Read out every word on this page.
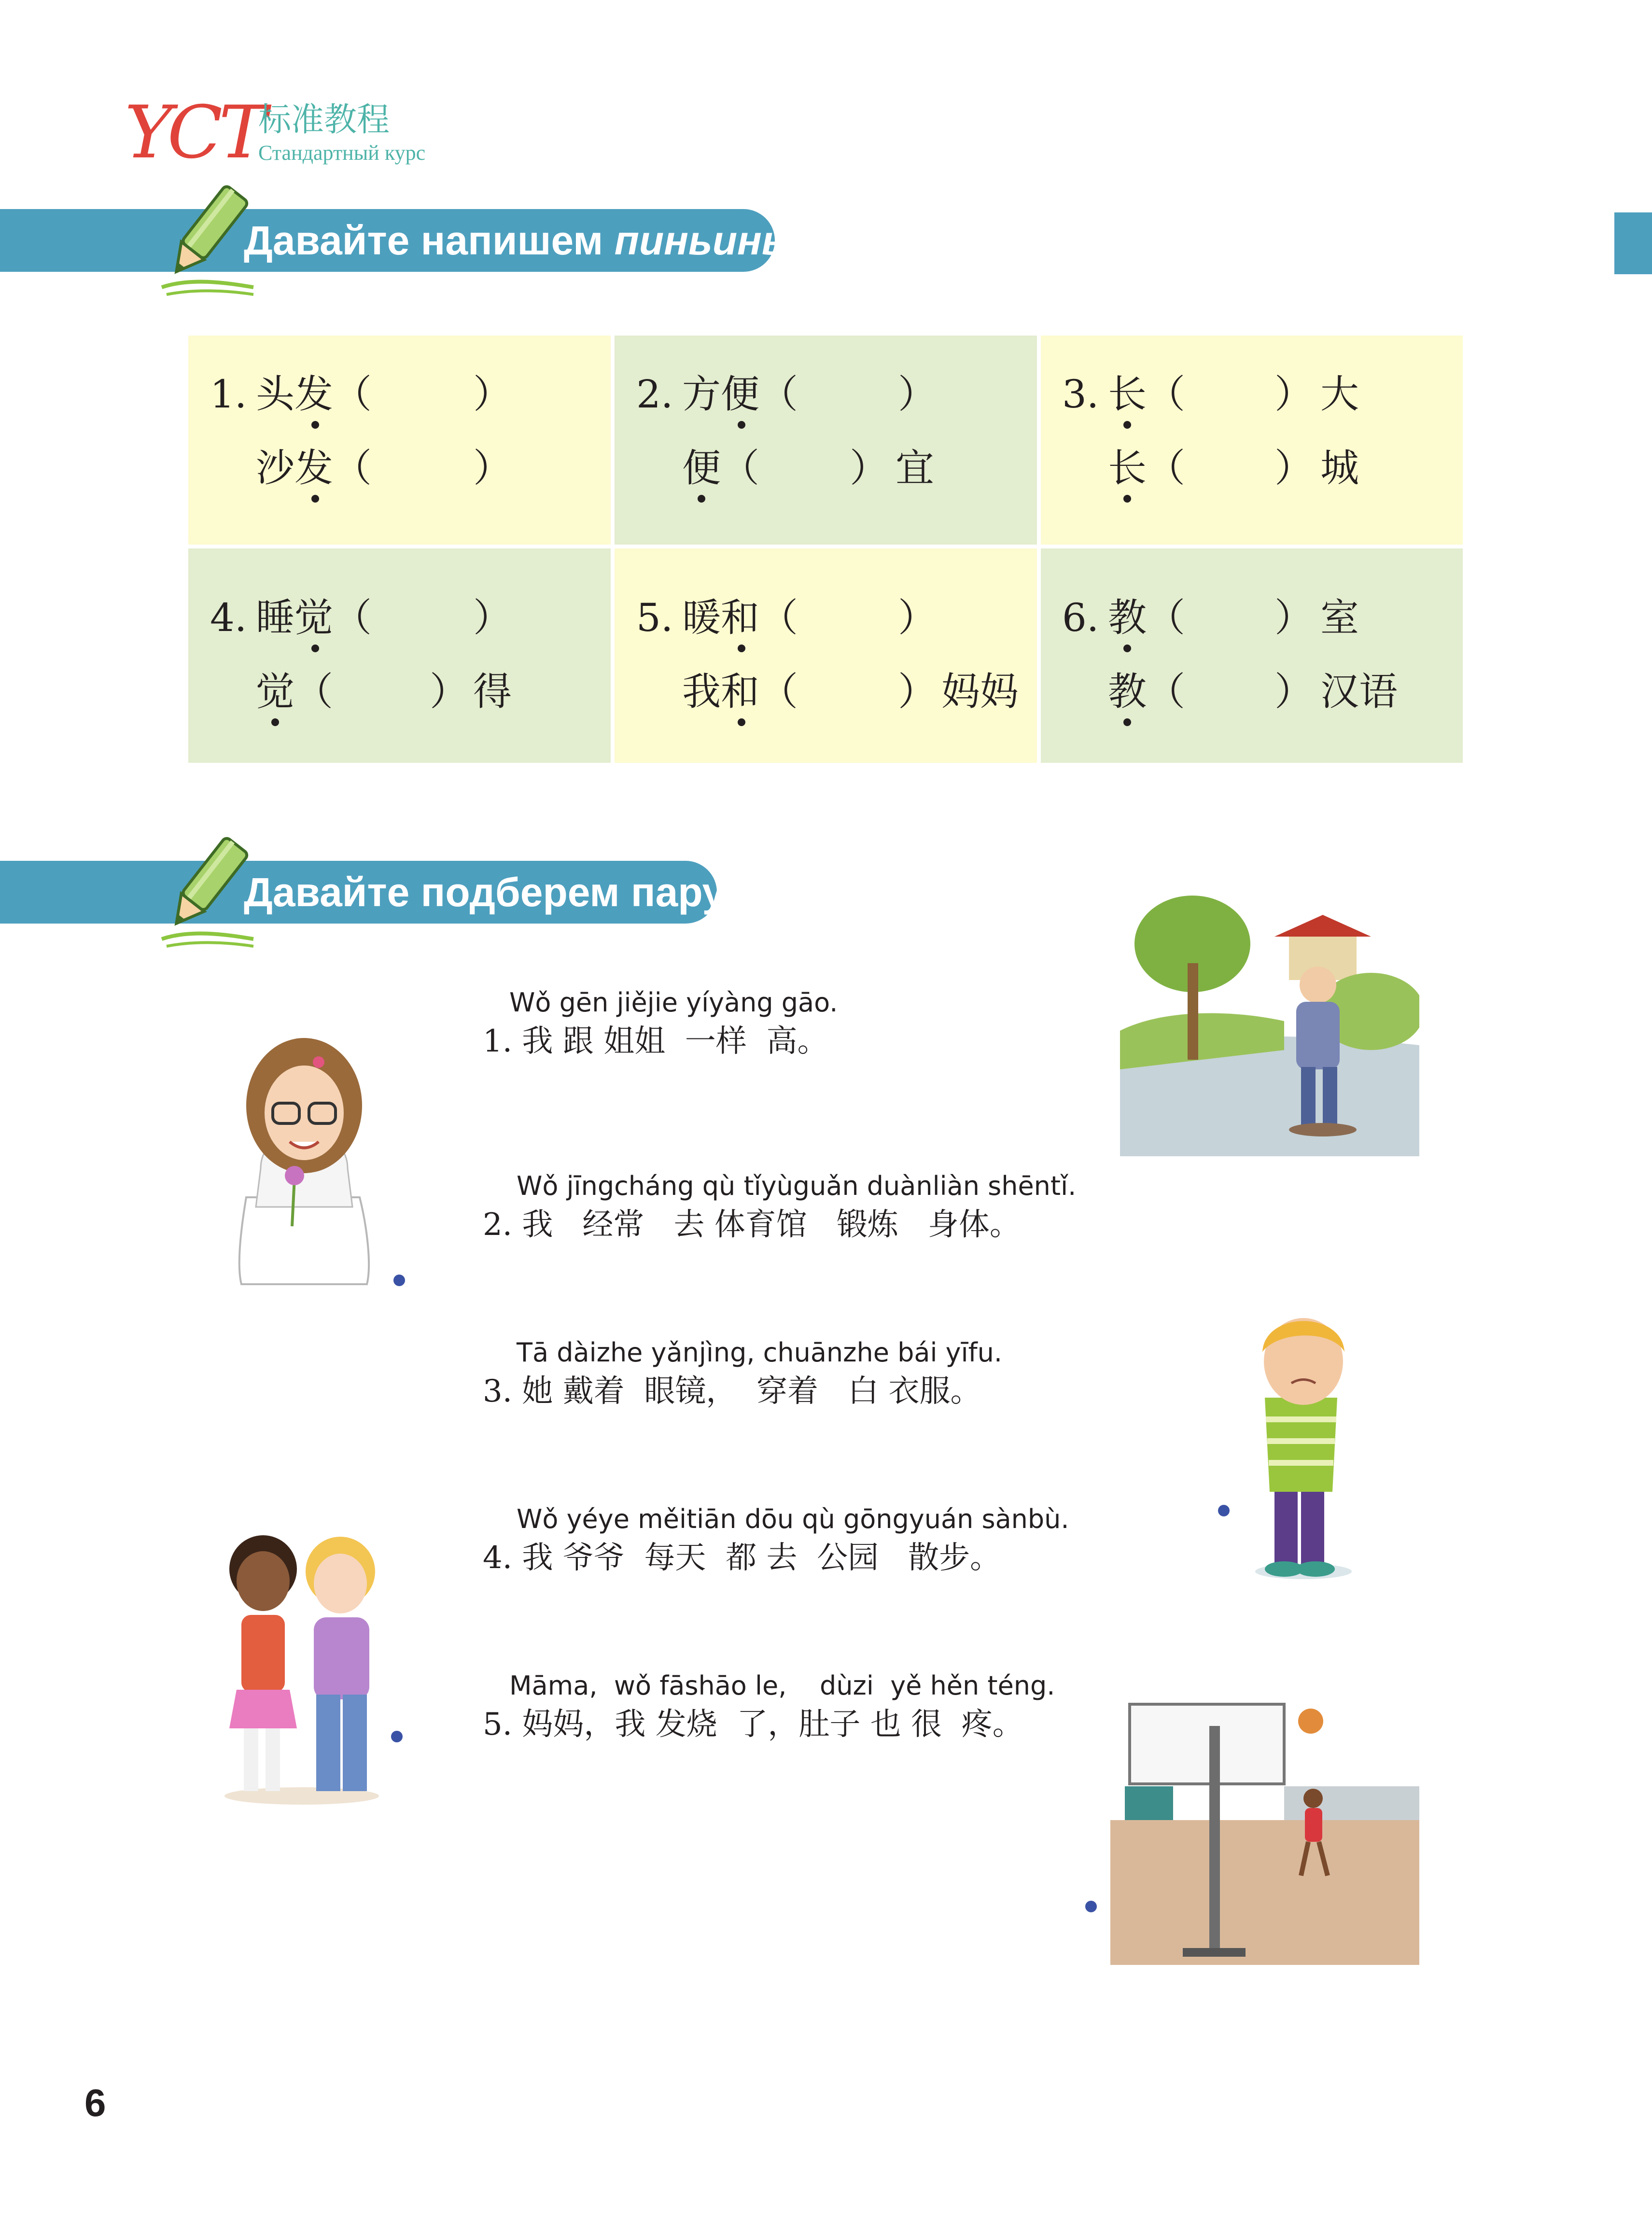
YCT
标准教程
Стандартный курс
Давайте напишем пиньинь!
1. 头发（	）
沙发（	）
2. 方便（	）
便（ ） 宜
3. 长（ ） 大
长（ ） 城
4. 睡觉（	）
觉（	） 得
5. 暖和（	）
我和（	） 妈妈
6. 教（ ） 室
教（ ） 汉语
Давайте подберем пару!
Wǒ gēn jiějie yíyàng gāo.
1. 我 跟 姐姐  一样  高。
Wǒ jīngcháng qù tǐyùguǎn duànliàn shēntǐ.
2. 我   经常   去 体育馆   锻炼   身体。
Tā dàizhe yǎnjìng, chuānzhe bái yīfu.
3. 她 戴着  眼镜，  穿着   白 衣服。
Wǒ yéye měitiān dōu qù gōngyuán sànbù.
4. 我 爷爷  每天  都 去  公园   散步。
Māma,  wǒ fāshāo le,    dùzi  yě hěn téng.
5. 妈妈，我 发烧  了，肚子 也 很  疼。
6
